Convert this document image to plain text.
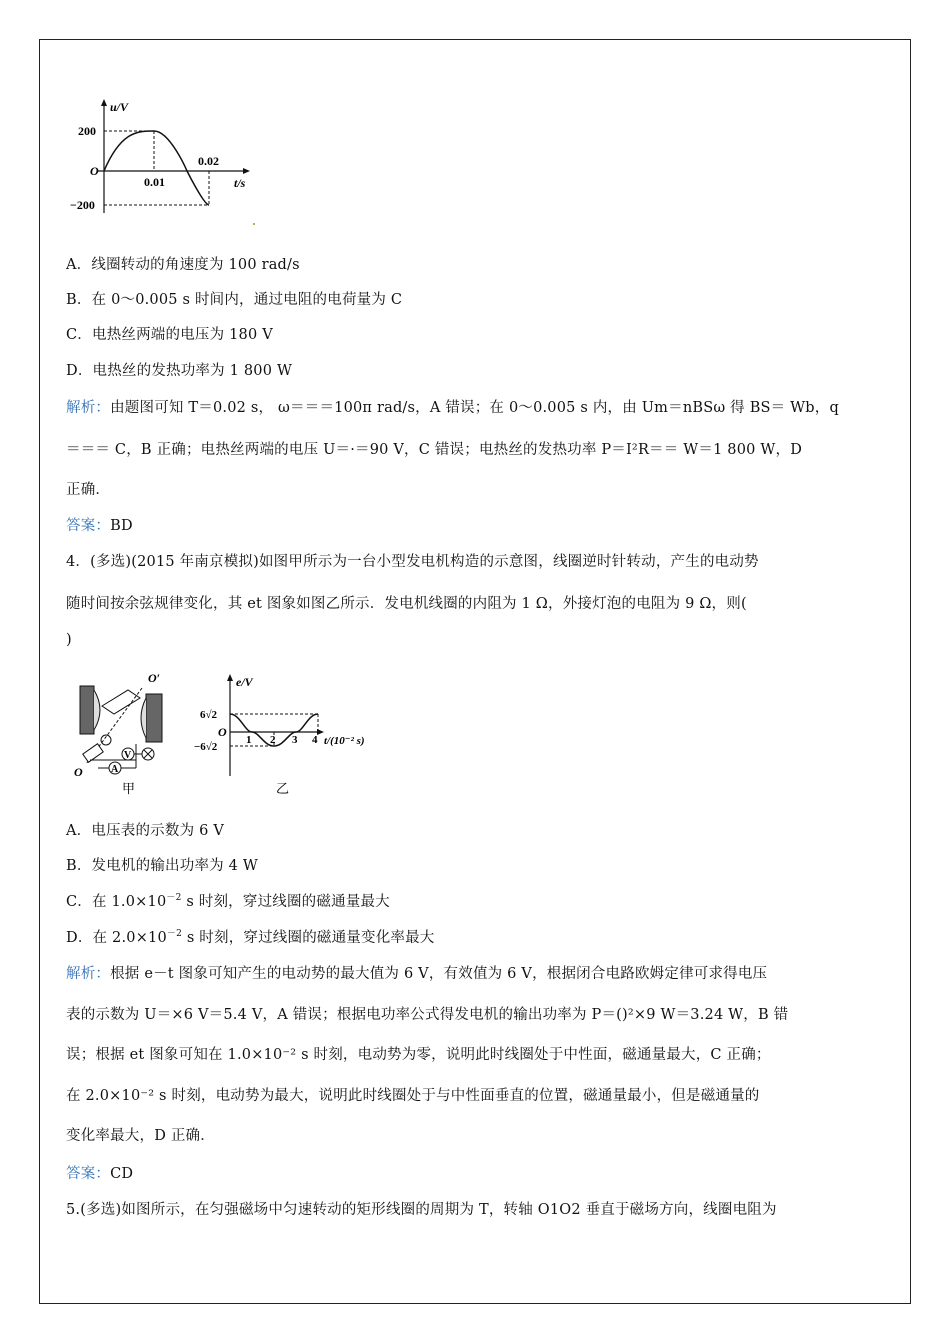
u/V
200
O
0.01
0.02
t/s
−200
A．线圈转动的角速度为 100 rad/s
B．在 0～0.005 s 时间内，通过电阻的电荷量为 C
C．电热丝两端的电压为 180 V
D．电热丝的发热功率为 1 800 W
解析：由题图可知 T＝0.02 s， ω＝＝＝100π rad/s，A 错误；在 0～0.005 s 内，由 Um＝nBSω 得 BS＝ Wb，q
＝＝＝ C，B 正确；电热丝两端的电压 U＝·＝90 V，C 错误；电热丝的发热功率 P＝I²R＝＝ W＝1 800 W，D
正确．
答案：BD
4．(多选)(2015 年南京模拟)如图甲所示为一台小型发电机构造的示意图，线圈逆时针转动，产生的电动势
随时间按余弦规律变化，其 et 图象如图乙所示．发电机线圈的内阻为 1 Ω，外接灯泡的电阻为 9 Ω，则(
)
V
A
O′
O
甲
e/V
6√2
O
−6√2
1 2 3 4 t/(10⁻² s)
乙
A．电压表的示数为 6 V
B．发电机的输出功率为 4 W
C．在 $1.0\times 10^{-2}$ s 时刻，穿过线圈的磁通量最大
D．在 $2.0\times 10^{-2}$ s 时刻，穿过线圈的磁通量变化率最大
解析：根据 e－t 图象可知产生的电动势的最大值为 6 V，有效值为 6 V，根据闭合电路欧姆定律可求得电压
表的示数为 U＝×6 V＝5.4 V，A 错误；根据电功率公式得发电机的输出功率为 P＝()²×9 W＝3.24 W，B 错
误；根据 et 图象可知在 1.0×10⁻² s 时刻，电动势为零，说明此时线圈处于中性面，磁通量最大，C 正确；
在 2.0×10⁻² s 时刻，电动势为最大，说明此时线圈处于与中性面垂直的位置，磁通量最小，但是磁通量的
变化率最大，D 正确．
答案：CD
5.(多选)如图所示，在匀强磁场中匀速转动的矩形线圈的周期为 T，转轴 O1O2 垂直于磁场方向，线圈电阻为
